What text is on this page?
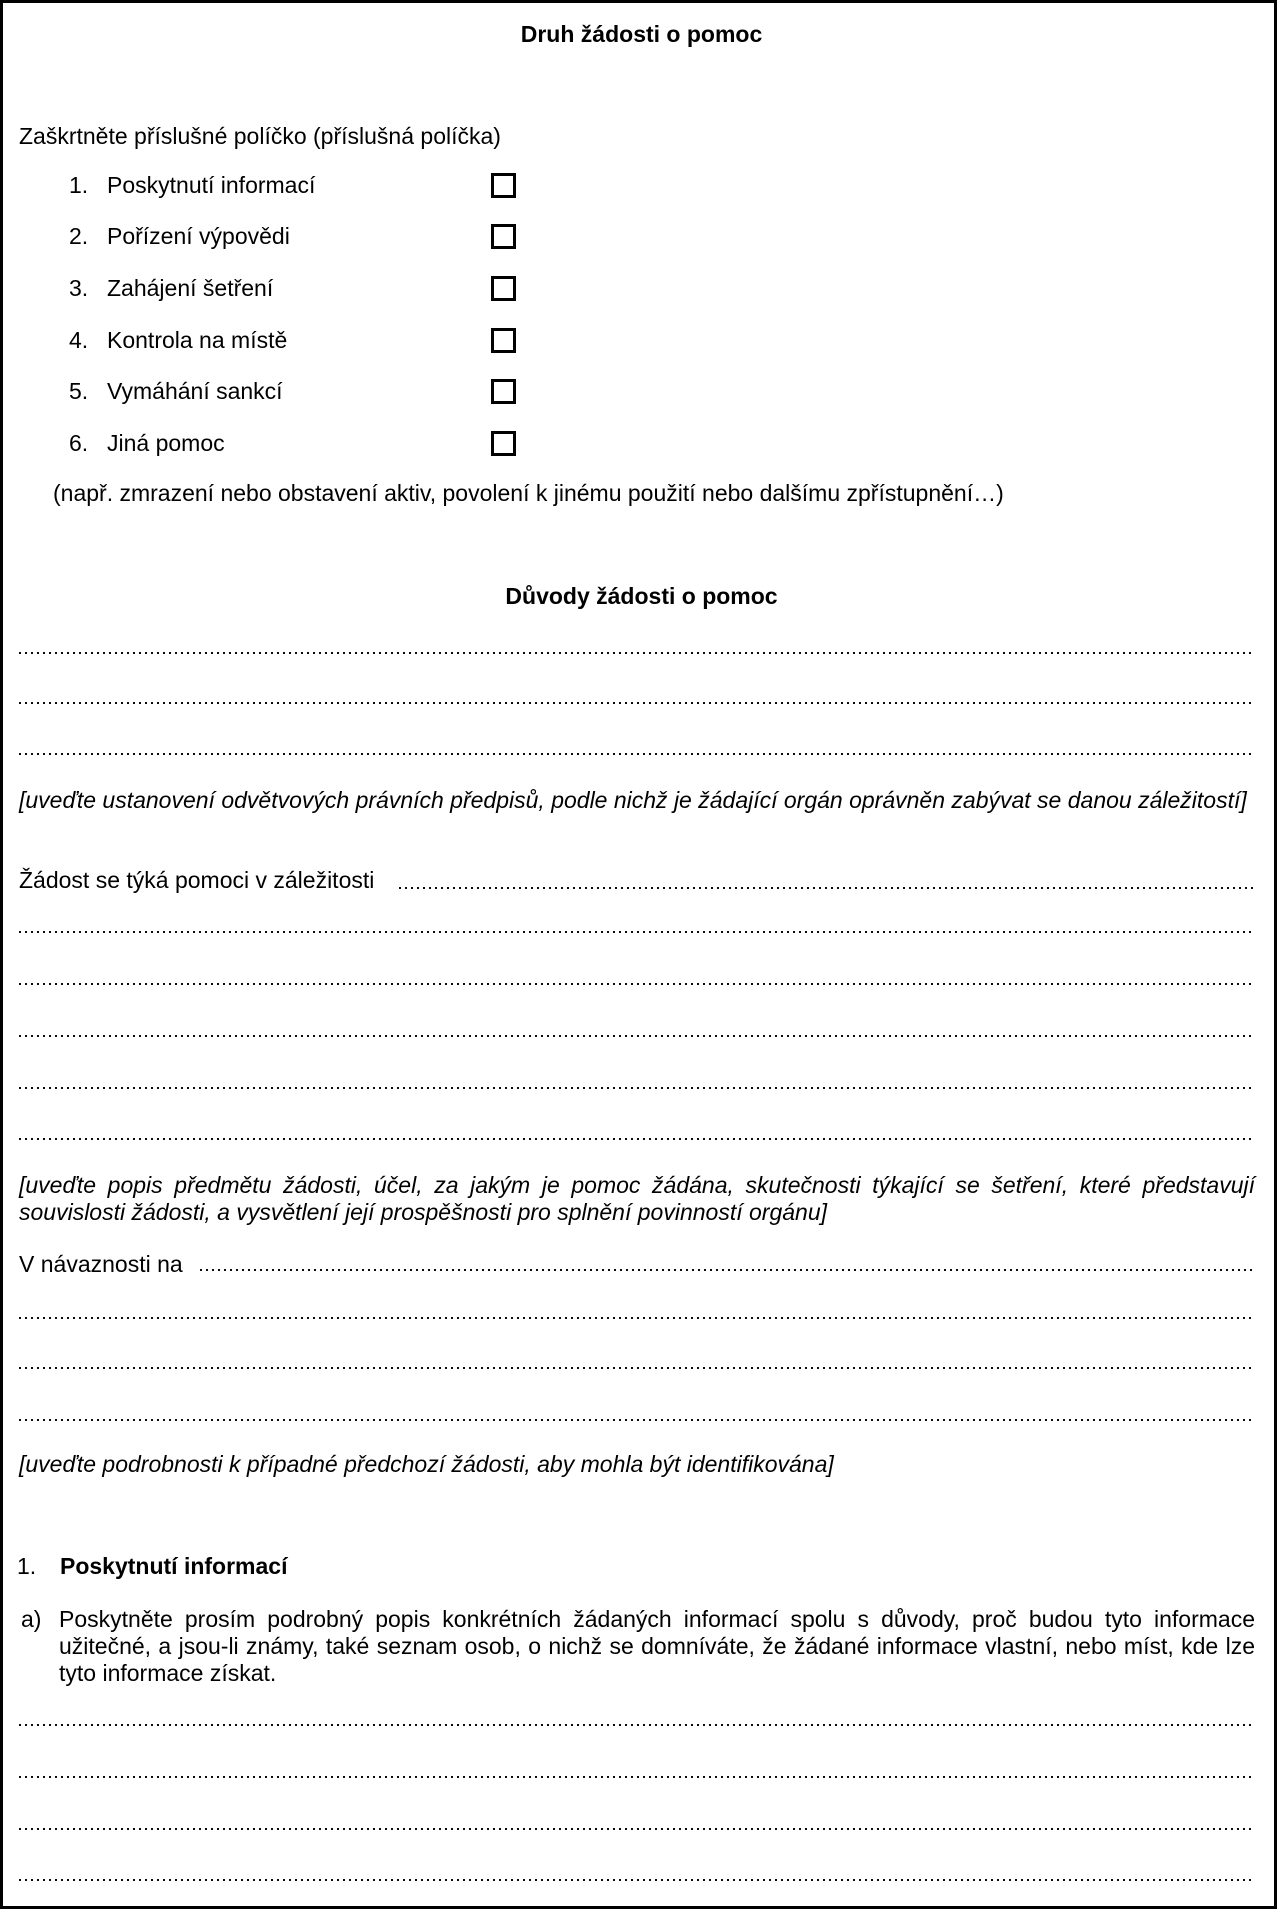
Druh žádosti o pomoc
Zaškrtněte příslušné políčko (příslušná políčka)
1. Poskytnutí informací
2. Pořízení výpovědi
3. Zahájení šetření
4. Kontrola na místě
5. Vymáhání sankcí
6. Jiná pomoc
(např. zmrazení nebo obstavení aktiv, povolení k jinému použití nebo dalšímu zpřístupnění…)
Důvody žádosti o pomoc
[uveďte ustanovení odvětvových právních předpisů, podle nichž je žádající orgán oprávněn zabývat se danou záležitostí]
Žádost se týká pomoci v záležitosti
[uveďte popis předmětu žádosti, účel, za jakým je pomoc žádána, skutečnosti týkající se šetření, které představují souvislosti žádosti, a vysvětlení její prospěšnosti pro splnění povinností orgánu]
V návaznosti na
[uveďte podrobnosti k případné předchozí žádosti, aby mohla být identifikována]
1. Poskytnutí informací
a) Poskytněte prosím podrobný popis konkrétních žádaných informací spolu s důvody, proč budou tyto informace užitečné, a jsou-li známy, také seznam osob, o nichž se domníváte, že žádané informace vlastní, nebo míst, kde lze tyto informace získat.
